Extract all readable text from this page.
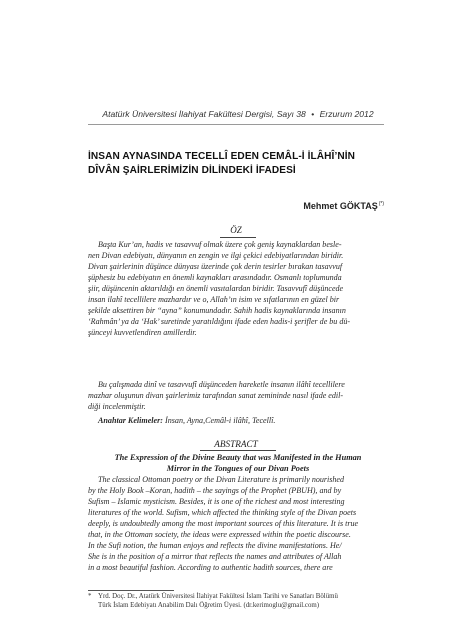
Atatürk Üniversitesi İlahiyat Fakültesi Dergisi, Sayı 38 • Erzurum 2012
İNSAN AYNASINDA TECELLÎ EDEN CEMÂL-İ İLÂHÎ’NİN
DÎVÂN ŞAİRLERİMİZİN DİLİNDEKİ İFADESİ
Mehmet GÖKTAŞ(*)
ÖZ
Başta Kur’an, hadis ve tasavvuf olmak üzere çok geniş kaynaklardan besle-
nen Divan edebiyatı, dünyanın en zengin ve ilgi çekici edebiyatlarından biridir.
Divan şairlerinin düşünce dünyası üzerinde çok derin tesirler bırakan tasavvuf
şüphesiz bu edebiyatın en önemli kaynakları arasındadır. Osmanlı toplumunda
şiir, düşüncenin aktarıldığı en önemli vasıtalardan biridir. Tasavvufî düşüncede
insan ilahî tecellilere mazhardır ve o, Allah’ın isim ve sıfatlarının en güzel bir
şekilde aksettiren bir “ayna” konumundadır. Sahih hadis kaynaklarında insanın
‘Rahmân’ ya da ‘Hak’ suretinde yaratıldığını ifade eden hadis-i şerifler de bu dü-
şünceyi kuvvetlendiren amillerdir.
Bu çalışmada dinî ve tasavvufî düşünceden hareketle insanın ilâhî tecellilere
mazhar oluşunun divan şairlerimiz tarafından sanat zemininde nasıl ifade edil-
diği incelenmiştir.
Anahtar Kelimeler: İnsan, Ayna,Cemâl-i ilâhî, Tecellî.
ABSTRACT
The Expression of the Divine Beauty that was Manifested in the Human
Mirror in the Tongues of our Divan Poets
The classical Ottoman poetry or the Divan Literature is primarily nourished
by the Holy Book –Koran, hadith – the sayings of the Prophet (PBUH), and by
Sufism – Islamic mysticism. Besides, it is one of the richest and most interesting
literatures of the world. Sufism, which affected the thinking style of the Divan poets
deeply, is undoubtedly among the most important sources of this literature. It is true
that, in the Ottoman society, the ideas were expressed within the poetic discourse.
In the Sufi notion, the human enjoys and reflects the divine manifestations. He/
She is in the position of a mirror that reflects the names and attributes of Allah
in a most beautiful fashion. According to authentic hadith sources, there are
* Yrd. Doç. Dr., Atatürk Üniversitesi İlahiyat Fakültesi İslam Tarihi ve Sanatları Bölümü
Türk İslam Edebiyatı Anabilim Dalı Öğretim Üyesi. (dr.kerimoglu@gmail.com)
